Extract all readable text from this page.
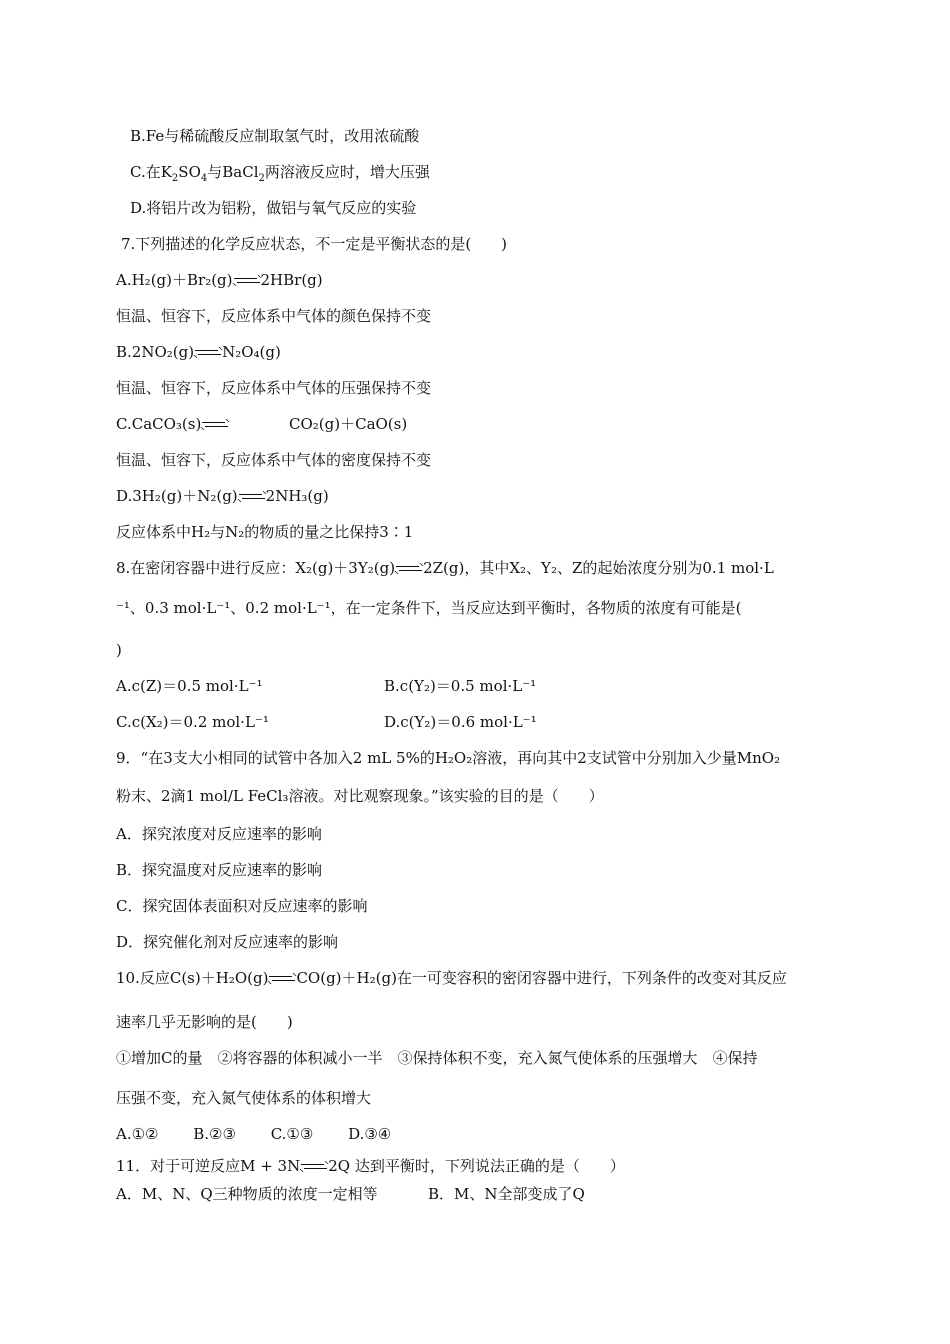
B.Fe与稀硫酸反应制取氢气时，改用浓硫酸
C.在$K_2SO_4$与BaCl$_2$两溶液反应时，增大压强
D.将铝片改为铝粉，做铝与氧气反应的实验
7.下列描述的化学反应状态，不一定是平衡状态的是(　　)
A.H₂(g)＋Br₂(g) 2HBr(g)
恒温、恒容下，反应体系中气体的颜色保持不变
B.2NO₂(g) N₂O₄(g)
恒温、恒容下，反应体系中气体的压强保持不变
C.CaCO₃(s)	CO₂(g)＋CaO(s)
恒温、恒容下，反应体系中气体的密度保持不变
D.3H₂(g)＋N₂(g) 2NH₃(g)
反应体系中H₂与N₂的物质的量之比保持3∶1
8.在密闭容器中进行反应：X₂(g)＋3Y₂(g) 2Z(g)，其中X₂、Y₂、Z的起始浓度分别为0.1 mol·L
⁻¹、0.3 mol·L⁻¹、0.2 mol·L⁻¹，在一定条件下，当反应达到平衡时，各物质的浓度有可能是(
)
A.c(Z)＝0.5 mol·L⁻¹	B.c(Y₂)＝0.5 mol·L⁻¹
C.c(X₂)＝0.2 mol·L⁻¹	D.c(Y₂)＝0.6 mol·L⁻¹
9．“在3支大小相同的试管中各加入2 mL 5%的H₂O₂溶液，再向其中2支试管中分别加入少量MnO₂
粉末、2滴1 mol/L FeCl₃溶液。对比观察现象。”该实验的目的是（　　）
A．探究浓度对反应速率的影响
B．探究温度对反应速率的影响
C．探究固体表面积对反应速率的影响
D．探究催化剂对反应速率的影响
10.反应C(s)＋H₂O(g) CO(g)＋H₂(g)在一可变容积的密闭容器中进行，下列条件的改变对其反应
速率几乎无影响的是(　　)
①增加C的量　②将容器的体积减小一半　③保持体积不变，充入氮气使体系的压强增大　④保持
压强不变，充入氮气使体系的体积增大
A.①②　　 B.②③　　 C.①③　　 D.③④
11．对于可逆反应M + 3N 2Q 达到平衡时，下列说法正确的是（　　）
A．M、N、Q三种物质的浓度一定相等	B．M、N全部变成了Q
